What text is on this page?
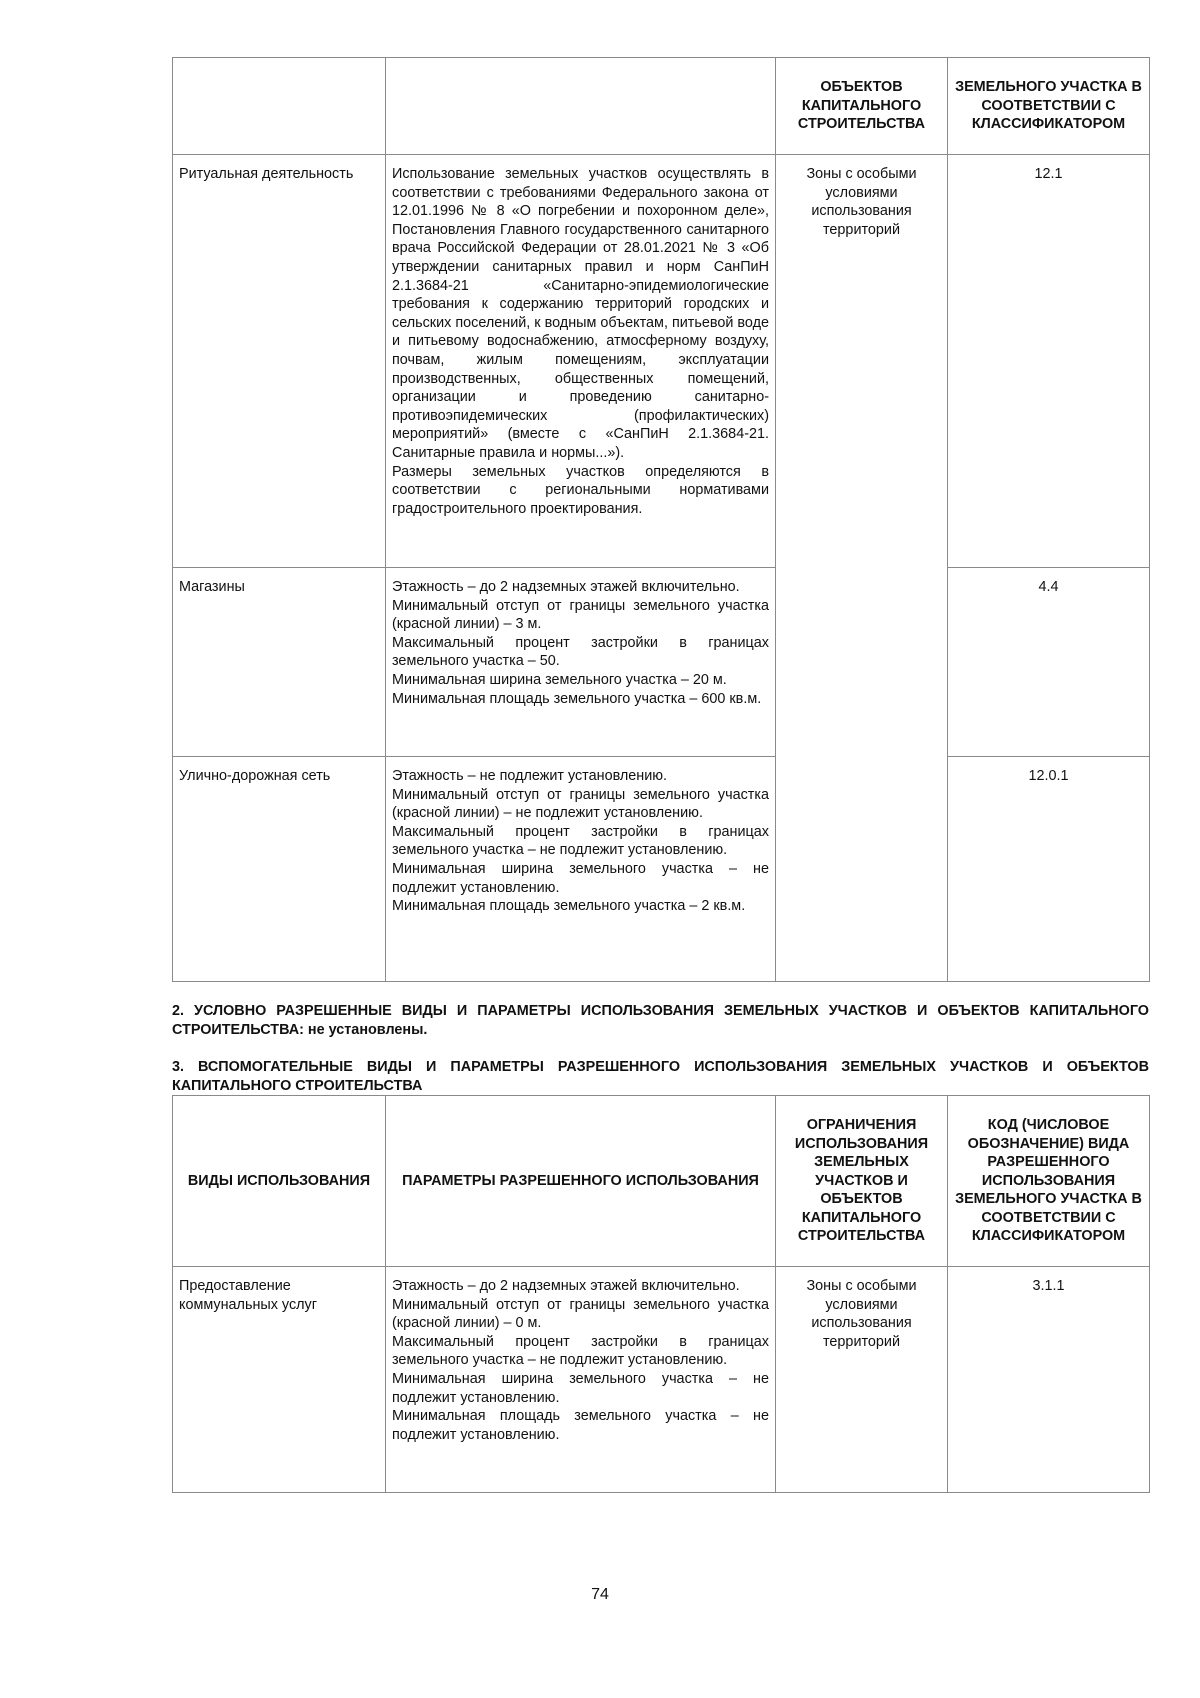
		ОБЪЕКТОВ КАПИТАЛЬНОГО СТРОИТЕЛЬСТВА	ЗЕМЕЛЬНОГО УЧАСТКА В СООТВЕТСТВИИ С КЛАССИФИКАТОРОМ
Ритуальная деятельность	Использование земельных участков осуществлять в соответствии с требованиями Федерального закона от 12.01.1996 № 8 «О погребении и похоронном деле», Постановления Главного государственного санитарного врача Российской Федерации от 28.01.2021 № 3 «Об утверждении санитарных правил и норм СанПиН 2.1.3684-21 «Санитарно-эпидемиологические требования к содержанию территорий городских и сельских поселений, к водным объектам, питьевой воде и питьевому водоснабжению, атмосферному воздуху, почвам, жилым помещениям, эксплуатации производственных, общественных помещений, организации и проведению санитарно-противоэпидемических (профилактических) мероприятий» (вместе с «СанПиН 2.1.3684-21. Санитарные правила и нормы...»).
Размеры земельных участков определяются в соответствии с региональными нормативами градостроительного проектирования.	Зоны с особыми условиями использования территорий	12.1
Магазины	Этажность – до 2 надземных этажей включительно.
Минимальный отступ от границы земельного участка (красной линии) – 3 м.
Максимальный процент застройки в границах земельного участка – 50.
Минимальная ширина земельного участка – 20 м.
Минимальная площадь земельного участка – 600 кв.м.		4.4
Улично-дорожная сеть	Этажность – не подлежит установлению.
Минимальный отступ от границы земельного участка (красной линии) – не подлежит установлению.
Максимальный процент застройки в границах земельного участка – не подлежит установлению.
Минимальная ширина земельного участка – не подлежит установлению.
Минимальная площадь земельного участка – 2 кв.м.		12.0.1
2. УСЛОВНО РАЗРЕШЕННЫЕ ВИДЫ И ПАРАМЕТРЫ ИСПОЛЬЗОВАНИЯ ЗЕМЕЛЬНЫХ УЧАСТКОВ И ОБЪЕКТОВ КАПИТАЛЬНОГО СТРОИТЕЛЬСТВА: не установлены.
3. ВСПОМОГАТЕЛЬНЫЕ ВИДЫ И ПАРАМЕТРЫ РАЗРЕШЕННОГО ИСПОЛЬЗОВАНИЯ ЗЕМЕЛЬНЫХ УЧАСТКОВ И ОБЪЕКТОВ КАПИТАЛЬНОГО СТРОИТЕЛЬСТВА
ВИДЫ ИСПОЛЬЗОВАНИЯ	ПАРАМЕТРЫ РАЗРЕШЕННОГО ИСПОЛЬЗОВАНИЯ	ОГРАНИЧЕНИЯ ИСПОЛЬЗОВАНИЯ ЗЕМЕЛЬНЫХ УЧАСТКОВ И ОБЪЕКТОВ КАПИТАЛЬНОГО СТРОИТЕЛЬСТВА	КОД (ЧИСЛОВОЕ ОБОЗНАЧЕНИЕ) ВИДА РАЗРЕШЕННОГО ИСПОЛЬЗОВАНИЯ ЗЕМЕЛЬНОГО УЧАСТКА В СООТВЕТСТВИИ С КЛАССИФИКАТОРОМ
Предоставление коммунальных услуг	Этажность – до 2 надземных этажей включительно.
Минимальный отступ от границы земельного участка (красной линии) – 0 м.
Максимальный процент застройки в границах земельного участка – не подлежит установлению.
Минимальная ширина земельного участка – не подлежит установлению.
Минимальная площадь земельного участка – не подлежит установлению.	Зоны с особыми условиями использования территорий	3.1.1
74
